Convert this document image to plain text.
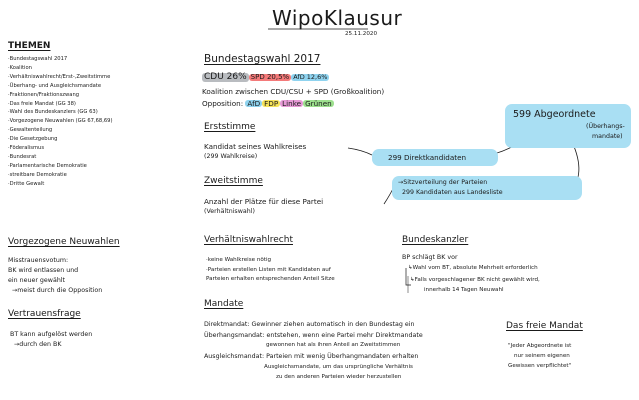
WipoKlausur
25.11.2020
THEMEN
·Bundestagswahl 2017
·Koalition
·Verhältniswahlrecht/Erst-,Zweitstimme
·Überhang- und Ausgleichsmandate
·Fraktionen/Fraktionszwang
·Das freie Mandat (GG 38)
·Wahl des Bundeskanzlers (GG 63)
·Vorgezogene Neuwahlen (GG 67,68,69)
·Gewaltenteilung
·Die Gesetzgebung
·Föderalismus
·Bundesrat
·Parlamentarische Demokratie
·streitbare Demokratie
·Dritte Gewalt
Vorgezogene Neuwahlen
Misstrauensvotum:
BK wird entlassen und
ein neuer gewählt
→meist durch die Opposition
Vertrauensfrage
BT kann aufgelöst werden
→durch den BK
Bundestagswahl 2017
CDU 26% SPD 20,5% AfD 12,6%
Koalition zwischen CDU/CSU + SPD (Großkoalition)
Opposition: AfD FDP Linke Grünen
Erststimme
Kandidat seines Wahlkreises
(299 Wahlkreise)
Zweitstimme
Anzahl der Plätze für diese Partei
(Verhältniswahl)
599 Abgeordnete
(Überhangs-
mandate)
299 Direktkandidaten
→Sitzverteilung der Parteien
299 Kandidaten aus Landesliste
Verhältniswahlrecht
·keine Wahlkreise nötig
·Parteien erstellen Listen mit Kandidaten auf
Parteien erhalten entsprechenden Anteil Sitze
Bundeskanzler
BP schlägt BK vor
↳Wahl vom BT, absolute Mehrheit erforderlich
↳Falls vorgeschlagener BK nicht gewählt wird,
innerhalb 14 Tagen Neuwahl
Mandate
Direktmandat: Gewinner ziehen automatisch in den Bundestag ein
Überhangsmandat: entstehen, wenn eine Partei mehr Direktmandate
gewonnen hat als ihren Anteil an Zweitstimmen
Ausgleichsmandat: Parteien mit wenig Überhangmandaten erhalten
Ausgleichsmandate, um das ursprüngliche Verhältnis
zu den anderen Parteien wieder herzustellen
Das freie Mandat
"Jeder Abgeordnete ist
nur seinem eigenen
Gewissen verpflichtet"
